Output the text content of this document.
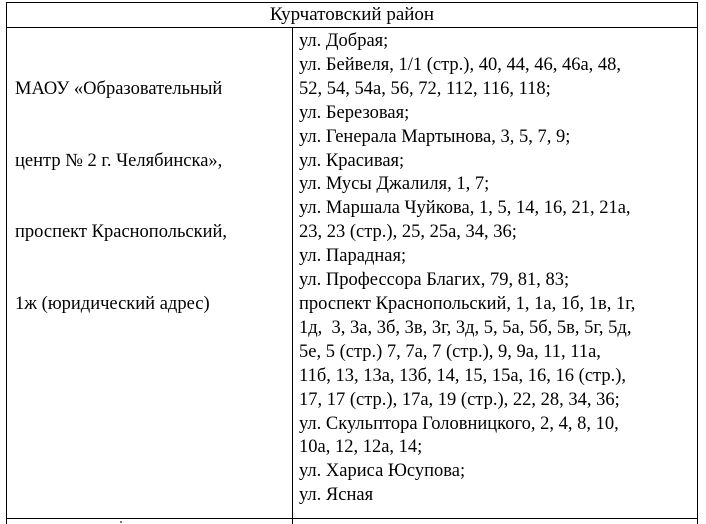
Курчатовский район

МАОУ «Образовательный

центр № 2 г. Челябинска»,

проспект Краснопольский,

1ж (юридический адрес)

ул. Добрая;
ул. Бейвеля, 1/1 (стр.), 40, 44, 46, 46а, 48,
52, 54, 54а, 56, 72, 112, 116, 118;
ул. Березовая;
ул. Генерала Мартынова, 3, 5, 7, 9;
ул. Красивая;
ул. Мусы Джалиля, 1, 7;
ул. Маршала Чуйкова, 1, 5, 14, 16, 21, 21а,
23, 23 (стр.), 25, 25а, 34, 36;
ул. Парадная;
ул. Профессора Благих, 79, 81, 83;
проспект Краснопольский, 1, 1а, 1б, 1в, 1г,
1д,  3, 3а, 3б, 3в, 3г, 3д, 5, 5а, 5б, 5в, 5г, 5д,
5е, 5 (стр.) 7, 7а, 7 (стр.), 9, 9а, 11, 11а,
11б, 13, 13а, 13б, 14, 15, 15а, 16, 16 (стр.),
17, 17 (стр.), 17а, 19 (стр.), 22, 28, 34, 36;
ул. Скульптора Головницкого, 2, 4, 8, 10,
10а, 12, 12а, 14;
ул. Хариса Юсупова;
ул. Ясная
